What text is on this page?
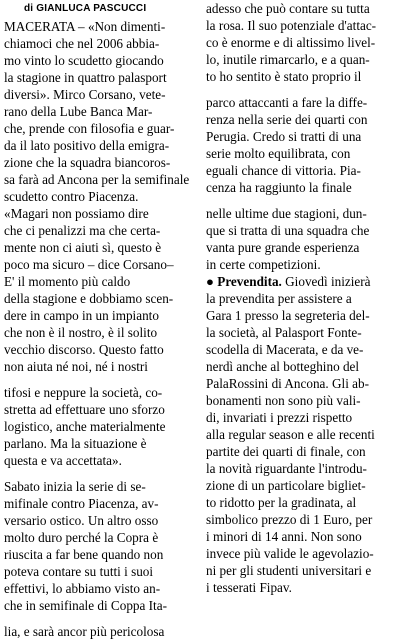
di GIANLUCA PASCUCCI
MACERATA – «Non dimenti-
chiamoci che nel 2006 abbia-
mo vinto lo scudetto giocando
la stagione in quattro palasport
diversi». Mirco Corsano, vete-
rano della Lube Banca Mar-
che, prende con filosofia e guar-
da il lato positivo della emigra-
zione che la squadra biancoros-
sa farà ad Ancona per la semifinale
scudetto contro Piacenza.
«Magari non possiamo dire
che ci penalizzi ma che certa-
mente non ci aiuti sì, questo è
poco ma sicuro – dice Corsano–
E' il momento più caldo
della stagione e dobbiamo scen-
dere in campo in un impianto
che non è il nostro, è il solito
vecchio discorso. Questo fatto
non aiuta né noi, né i nostri
tifosi e neppure la società, co-
stretta ad effettuare uno sforzo
logistico, anche materialmente
parlano. Ma la situazione è
questa e va accettata».
Sabato inizia la serie di se-
mifinale contro Piacenza, av-
versario ostico. Un altro osso
molto duro perché la Copra è
riuscita a far bene quando non
poteva contare su tutti i suoi
effettivi, lo abbiamo visto an-
che in semifinale di Coppa Ita-
lia, e sarà ancor più pericolosa
adesso che può contare su tutta
la rosa. Il suo potenziale d'attac-
co è enorme e di altissimo livel-
lo, inutile rimarcarlo, e a quan-
to ho sentito è stato proprio il
parco attaccanti a fare la diffe-
renza nella serie dei quarti con
Perugia. Credo si tratti di una
serie molto equilibrata, con
eguali chance di vittoria. Pia-
cenza ha raggiunto la finale
nelle ultime due stagioni, dun-
que si tratta di una squadra che
vanta pure grande esperienza
in certe competizioni.
● Prevendita. Giovedì inizierà
la prevendita per assistere a
Gara 1 presso la segreteria del-
la società, al Palasport Fonte-
scodella di Macerata, e da ve-
nerdì anche al botteghino del
PalaRossini di Ancona. Gli ab-
bonamenti non sono più vali-
di, invariati i prezzi rispetto
alla regular season e alle recenti
partite dei quarti di finale, con
la novità riguardante l'introdu-
zione di un particolare bigliet-
to ridotto per la gradinata, al
simbolico prezzo di 1 Euro, per
i minori di 14 anni. Non sono
invece più valide le agevolazio-
ni per gli studenti universitari e
i tesserati Fipav.
